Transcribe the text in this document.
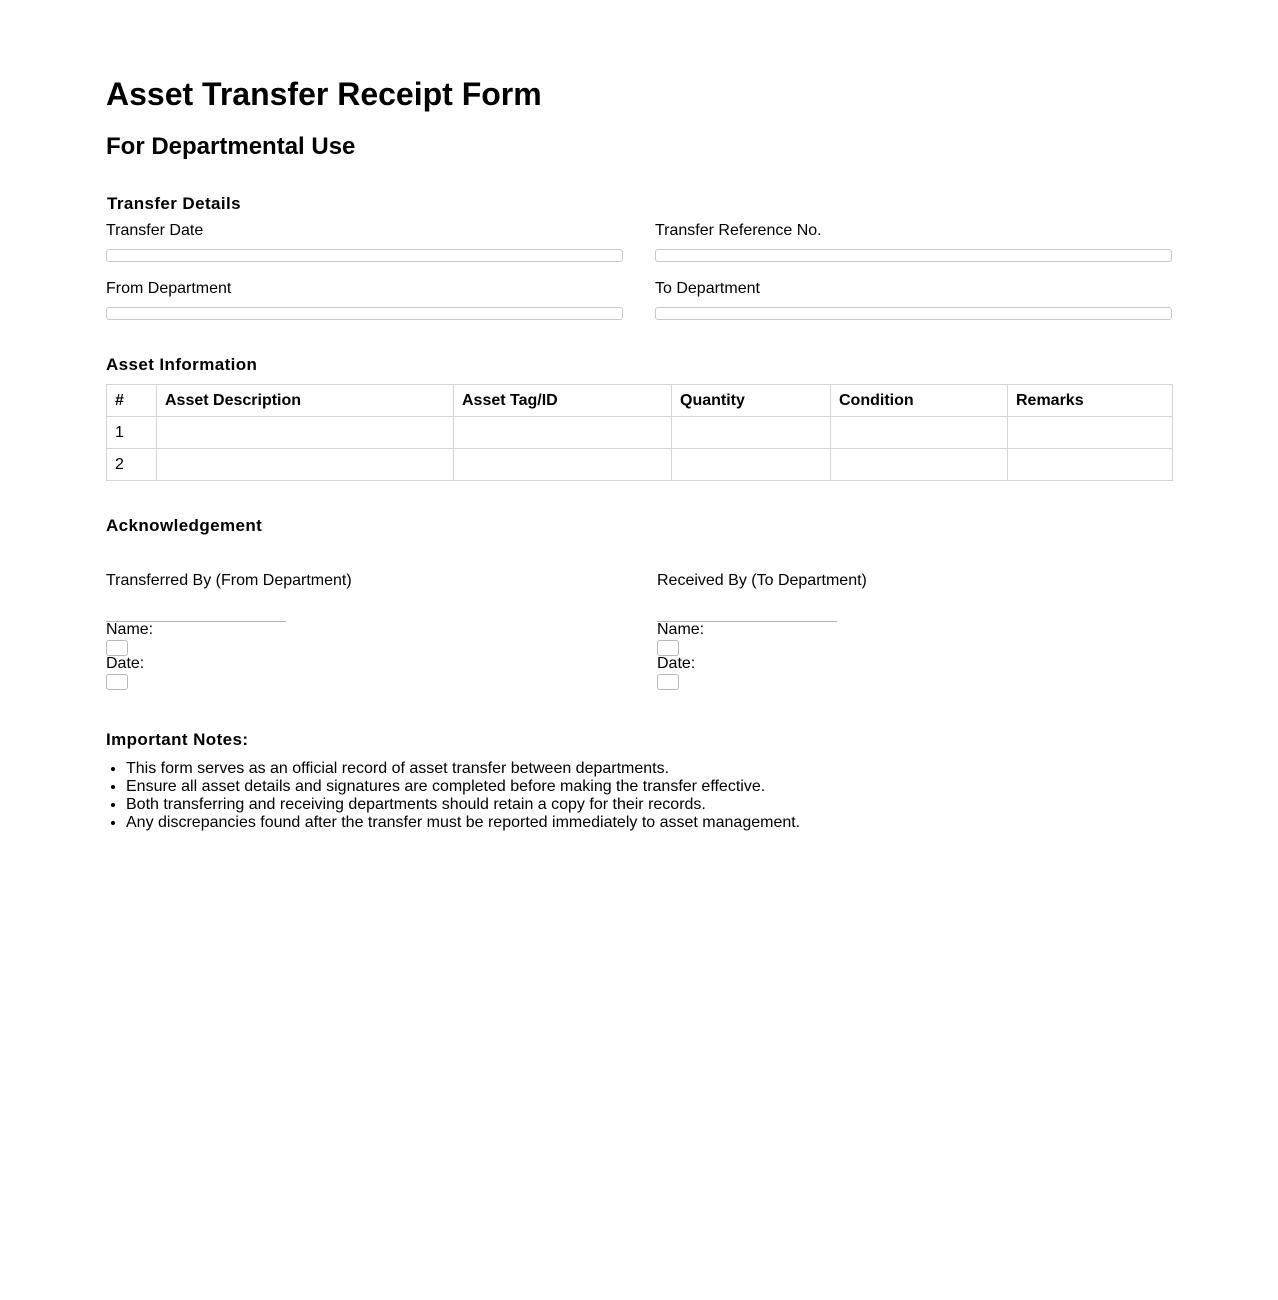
Asset Transfer Receipt Form
For Departmental Use
Transfer Details
Transfer Date	Transfer Reference No.
From Department	To Department
Asset Information
#	Asset Description	Asset Tag/ID	Quantity	Condition	Remarks
1					
2					
Acknowledgement
Transferred By (From Department)
Name:
Date:
Received By (To Department)
Name:
Date:
Important Notes:
• This form serves as an official record of asset transfer between departments.
• Ensure all asset details and signatures are completed before making the transfer effective.
• Both transferring and receiving departments should retain a copy for their records.
• Any discrepancies found after the transfer must be reported immediately to asset management.
